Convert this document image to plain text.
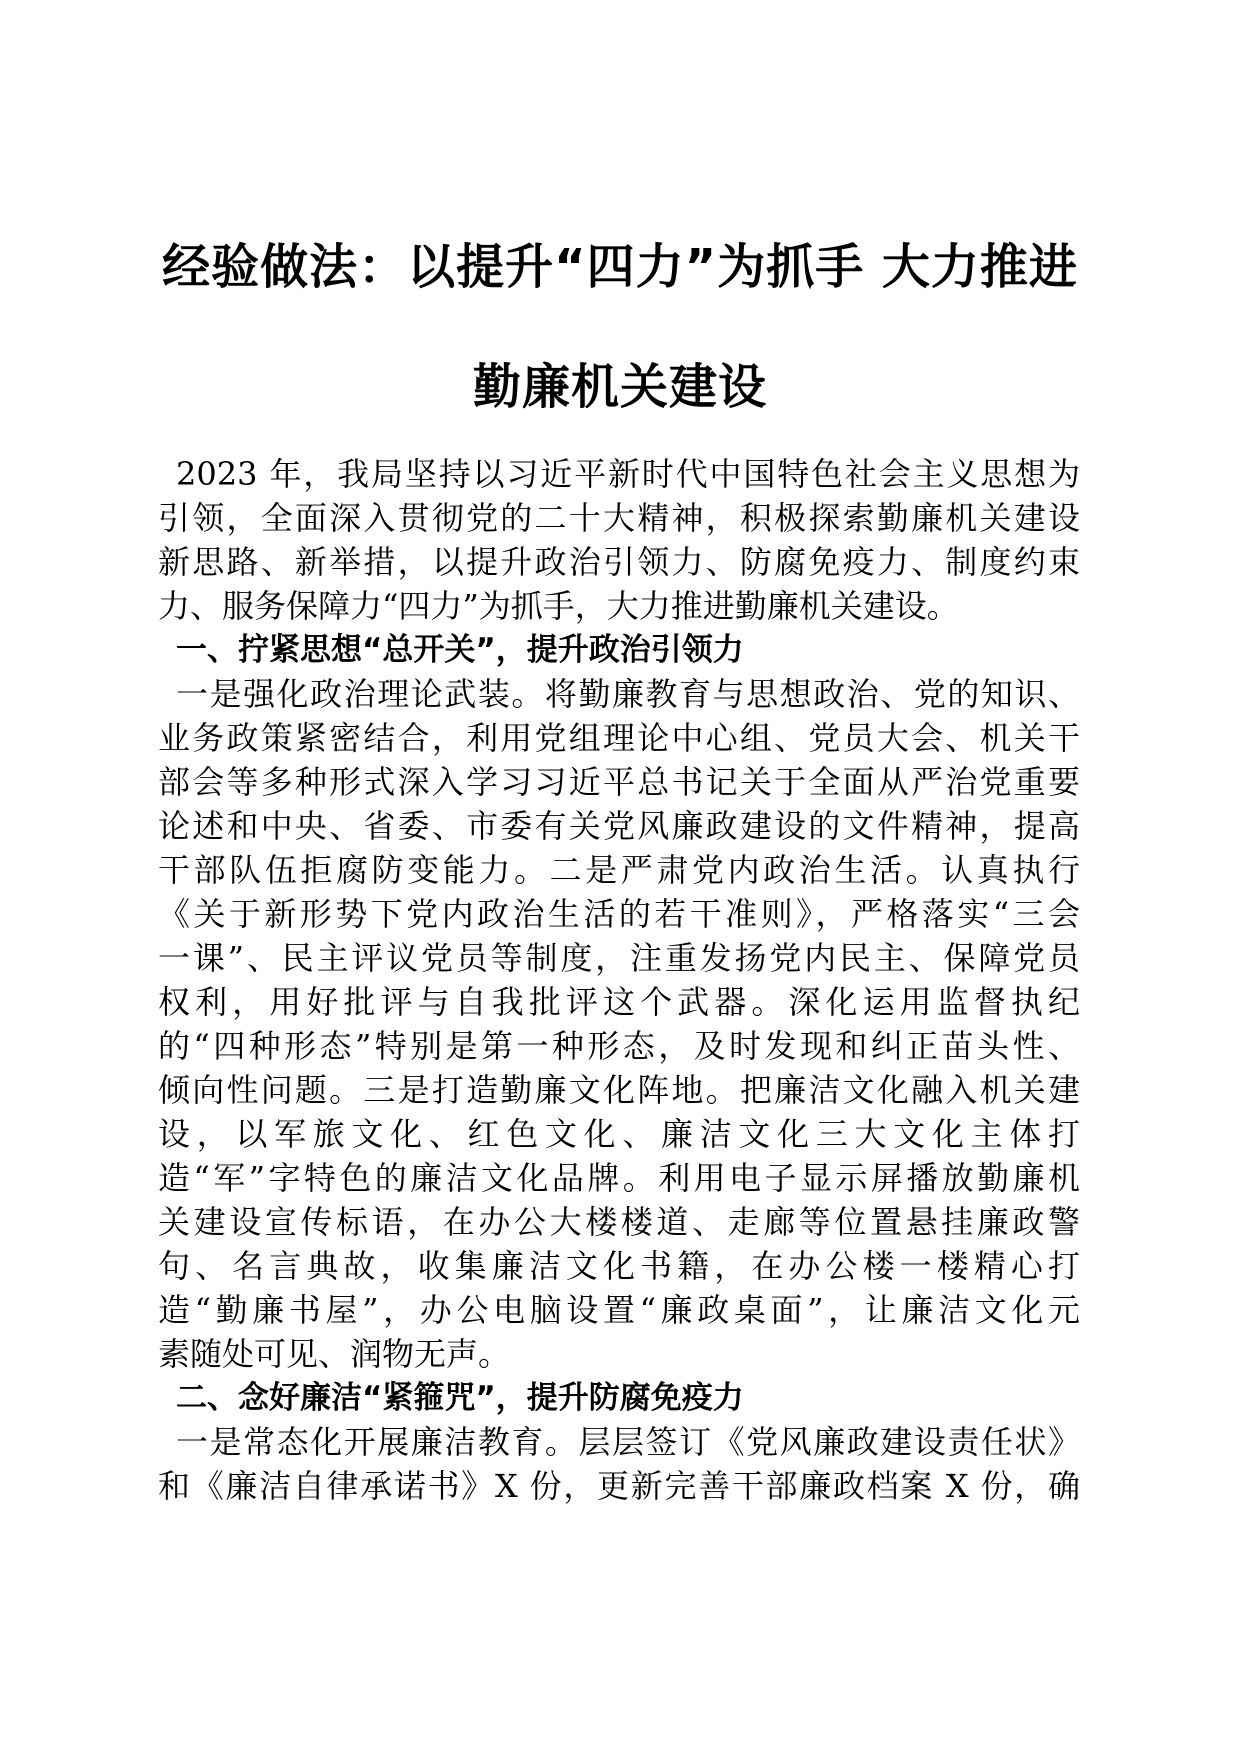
经验做法：以提升“四力”为抓手 大力推进
勤廉机关建设
2023 年，我局坚持以习近平新时代中国特色社会主义思想为
引领，全面深入贯彻党的二十大精神，积极探索勤廉机关建设
新思路、新举措，以提升政治引领力、防腐免疫力、制度约束
力、服务保障力“四力”为抓手，大力推进勤廉机关建设。
一、拧紧思想“总开关”，提升政治引领力
一是强化政治理论武装。将勤廉教育与思想政治、党的知识、
业务政策紧密结合，利用党组理论中心组、党员大会、机关干
部会等多种形式深入学习习近平总书记关于全面从严治党重要
论述和中央、省委、市委有关党风廉政建设的文件精神，提高
干部队伍拒腐防变能力。二是严肃党内政治生活。认真执行
《关于新形势下党内政治生活的若干准则》，严格落实“三会
一课”、民主评议党员等制度，注重发扬党内民主、保障党员
权利，用好批评与自我批评这个武器。深化运用监督执纪
的“四种形态”特别是第一种形态，及时发现和纠正苗头性、
倾向性问题。三是打造勤廉文化阵地。把廉洁文化融入机关建
设，以军旅文化、红色文化、廉洁文化三大文化主体打
造“军”字特色的廉洁文化品牌。利用电子显示屏播放勤廉机
关建设宣传标语，在办公大楼楼道、走廊等位置悬挂廉政警
句、名言典故，收集廉洁文化书籍，在办公楼一楼精心打
造“勤廉书屋”，办公电脑设置“廉政桌面”，让廉洁文化元
素随处可见、润物无声。
二、念好廉洁“紧箍咒”，提升防腐免疫力
一是常态化开展廉洁教育。层层签订《党风廉政建设责任状》
和《廉洁自律承诺书》X 份，更新完善干部廉政档案 X 份，确
